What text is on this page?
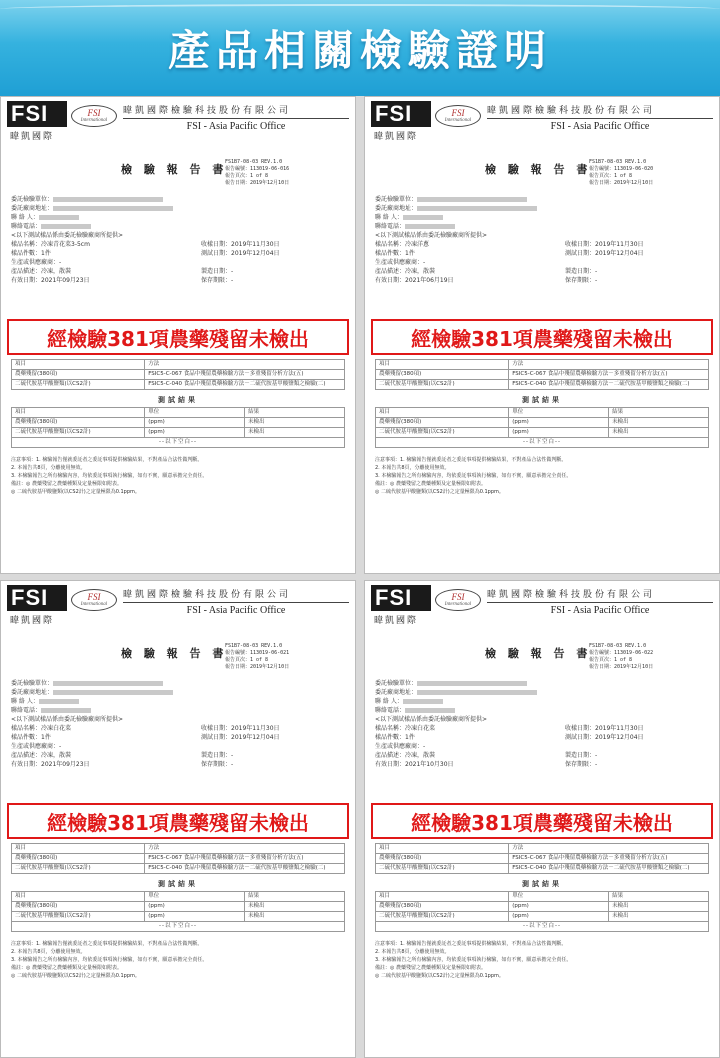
產品相關檢驗證明
FSI
暐凱國際
FSI
International
暐凱國際檢驗科技股份有限公司
FSI - Asia Pacific Office
檢 驗 報 告 書
FS1B7-08-03 REV.1.0
報告編號：113019-06-016
報告頁次：1 of 8
報告日期：2019年12月10日
委託檢驗單位：
委託廠商地址：
聯 絡 人：
聯絡電話：
<以下測試樣品係由委託檢驗廠商所提供>
樣品名稱：冷凍青花菜3-5cm	收樣日期：2019年11月30日
樣品件數：1件	測試日期：2019年12月04日
生產或供應廠商：-
產品描述：冷凍，散裝	製造日期：-
有效日期：2021年09月23日	保存期限：-
經檢驗381項農藥殘留未檢出
項目	方法
農藥殘留(380項)	FSIC5-C-067 食品中殘留農藥檢驗方法－多重殘留分析方法(五)
二硫代胺基甲酸鹽類(以CS2計)	FSIC5-C-040 食品中殘留農藥檢驗方法－二硫代胺基甲酸鹽類之檢驗(二)
測試結果
項目	單位	結果
農藥殘留(380項)	(ppm)	未檢出
二硫代胺基甲酸鹽類(以CS2計)	(ppm)	未檢出
--以下空白--		
注意事項：1. 檢驗報告僅就委託者之委託事項提供檢驗結果，不對產品合法性做判斷。
2. 本報告共8頁，分離使用無效。
3. 本檢驗報告之所有檢驗內容，均依委託事項執行檢驗，如有不實，願意承擔完全責任。
備註：◎ 農藥殘留之農藥種類及定量極限如附表。
◎ 二硫代胺基甲酸鹽類(以CS2計)之定量極限為0.1ppm。
FSI
暐凱國際
FSI
International
暐凱國際檢驗科技股份有限公司
FSI - Asia Pacific Office
檢 驗 報 告 書
FS1B7-08-03 REV.1.0
報告編號：113019-06-020
報告頁次：1 of 8
報告日期：2019年12月10日
委託檢驗單位：
委託廠商地址：
聯 絡 人：
聯絡電話：
<以下測試樣品係由委託檢驗廠商所提供>
樣品名稱：冷凍洋蔥	收樣日期：2019年11月30日
樣品件數：1件	測試日期：2019年12月04日
生產或供應廠商：-
產品描述：冷凍，散裝	製造日期：-
有效日期：2021年06月19日	保存期限：-
經檢驗381項農藥殘留未檢出
項目	方法
農藥殘留(380項)	FSIC5-C-067 食品中殘留農藥檢驗方法－多重殘留分析方法(五)
二硫代胺基甲酸鹽類(以CS2計)	FSIC5-C-040 食品中殘留農藥檢驗方法－二硫代胺基甲酸鹽類之檢驗(二)
測試結果
項目	單位	結果
農藥殘留(380項)	(ppm)	未檢出
二硫代胺基甲酸鹽類(以CS2計)	(ppm)	未檢出
--以下空白--		
注意事項：1. 檢驗報告僅就委託者之委託事項提供檢驗結果，不對產品合法性做判斷。
2. 本報告共8頁，分離使用無效。
3. 本檢驗報告之所有檢驗內容，均依委託事項執行檢驗，如有不實，願意承擔完全責任。
備註：◎ 農藥殘留之農藥種類及定量極限如附表。
◎ 二硫代胺基甲酸鹽類(以CS2計)之定量極限為0.1ppm。
FSI
暐凱國際
FSI
International
暐凱國際檢驗科技股份有限公司
FSI - Asia Pacific Office
檢 驗 報 告 書
FS1B7-08-03 REV.1.0
報告編號：113019-06-021
報告頁次：1 of 8
報告日期：2019年12月10日
委託檢驗單位：
委託廠商地址：
聯 絡 人：
聯絡電話：
<以下測試樣品係由委託檢驗廠商所提供>
樣品名稱：冷凍白花菜	收樣日期：2019年11月30日
樣品件數：1件	測試日期：2019年12月04日
生產或供應廠商：-
產品描述：冷凍，散裝	製造日期：-
有效日期：2021年09月23日	保存期限：-
經檢驗381項農藥殘留未檢出
項目	方法
農藥殘留(380項)	FSIC5-C-067 食品中殘留農藥檢驗方法－多重殘留分析方法(五)
二硫代胺基甲酸鹽類(以CS2計)	FSIC5-C-040 食品中殘留農藥檢驗方法－二硫代胺基甲酸鹽類之檢驗(二)
測試結果
項目	單位	結果
農藥殘留(380項)	(ppm)	未檢出
二硫代胺基甲酸鹽類(以CS2計)	(ppm)	未檢出
--以下空白--		
注意事項：1. 檢驗報告僅就委託者之委託事項提供檢驗結果，不對產品合法性做判斷。
2. 本報告共8頁，分離使用無效。
3. 本檢驗報告之所有檢驗內容，均依委託事項執行檢驗，如有不實，願意承擔完全責任。
備註：◎ 農藥殘留之農藥種類及定量極限如附表。
◎ 二硫代胺基甲酸鹽類(以CS2計)之定量極限為0.1ppm。
FSI
暐凱國際
FSI
International
暐凱國際檢驗科技股份有限公司
FSI - Asia Pacific Office
檢 驗 報 告 書
FS1B7-08-03 REV.1.0
報告編號：113019-06-022
報告頁次：1 of 8
報告日期：2019年12月10日
委託檢驗單位：
委託廠商地址：
聯 絡 人：
聯絡電話：
<以下測試樣品係由委託檢驗廠商所提供>
樣品名稱：冷凍白花菜	收樣日期：2019年11月30日
樣品件數：1件	測試日期：2019年12月04日
生產或供應廠商：-
產品描述：冷凍，散裝	製造日期：-
有效日期：2021年10月30日	保存期限：-
經檢驗381項農藥殘留未檢出
項目	方法
農藥殘留(380項)	FSIC5-C-067 食品中殘留農藥檢驗方法－多重殘留分析方法(五)
二硫代胺基甲酸鹽類(以CS2計)	FSIC5-C-040 食品中殘留農藥檢驗方法－二硫代胺基甲酸鹽類之檢驗(二)
測試結果
項目	單位	結果
農藥殘留(380項)	(ppm)	未檢出
二硫代胺基甲酸鹽類(以CS2計)	(ppm)	未檢出
--以下空白--		
注意事項：1. 檢驗報告僅就委託者之委託事項提供檢驗結果，不對產品合法性做判斷。
2. 本報告共8頁，分離使用無效。
3. 本檢驗報告之所有檢驗內容，均依委託事項執行檢驗，如有不實，願意承擔完全責任。
備註：◎ 農藥殘留之農藥種類及定量極限如附表。
◎ 二硫代胺基甲酸鹽類(以CS2計)之定量極限為0.1ppm。
